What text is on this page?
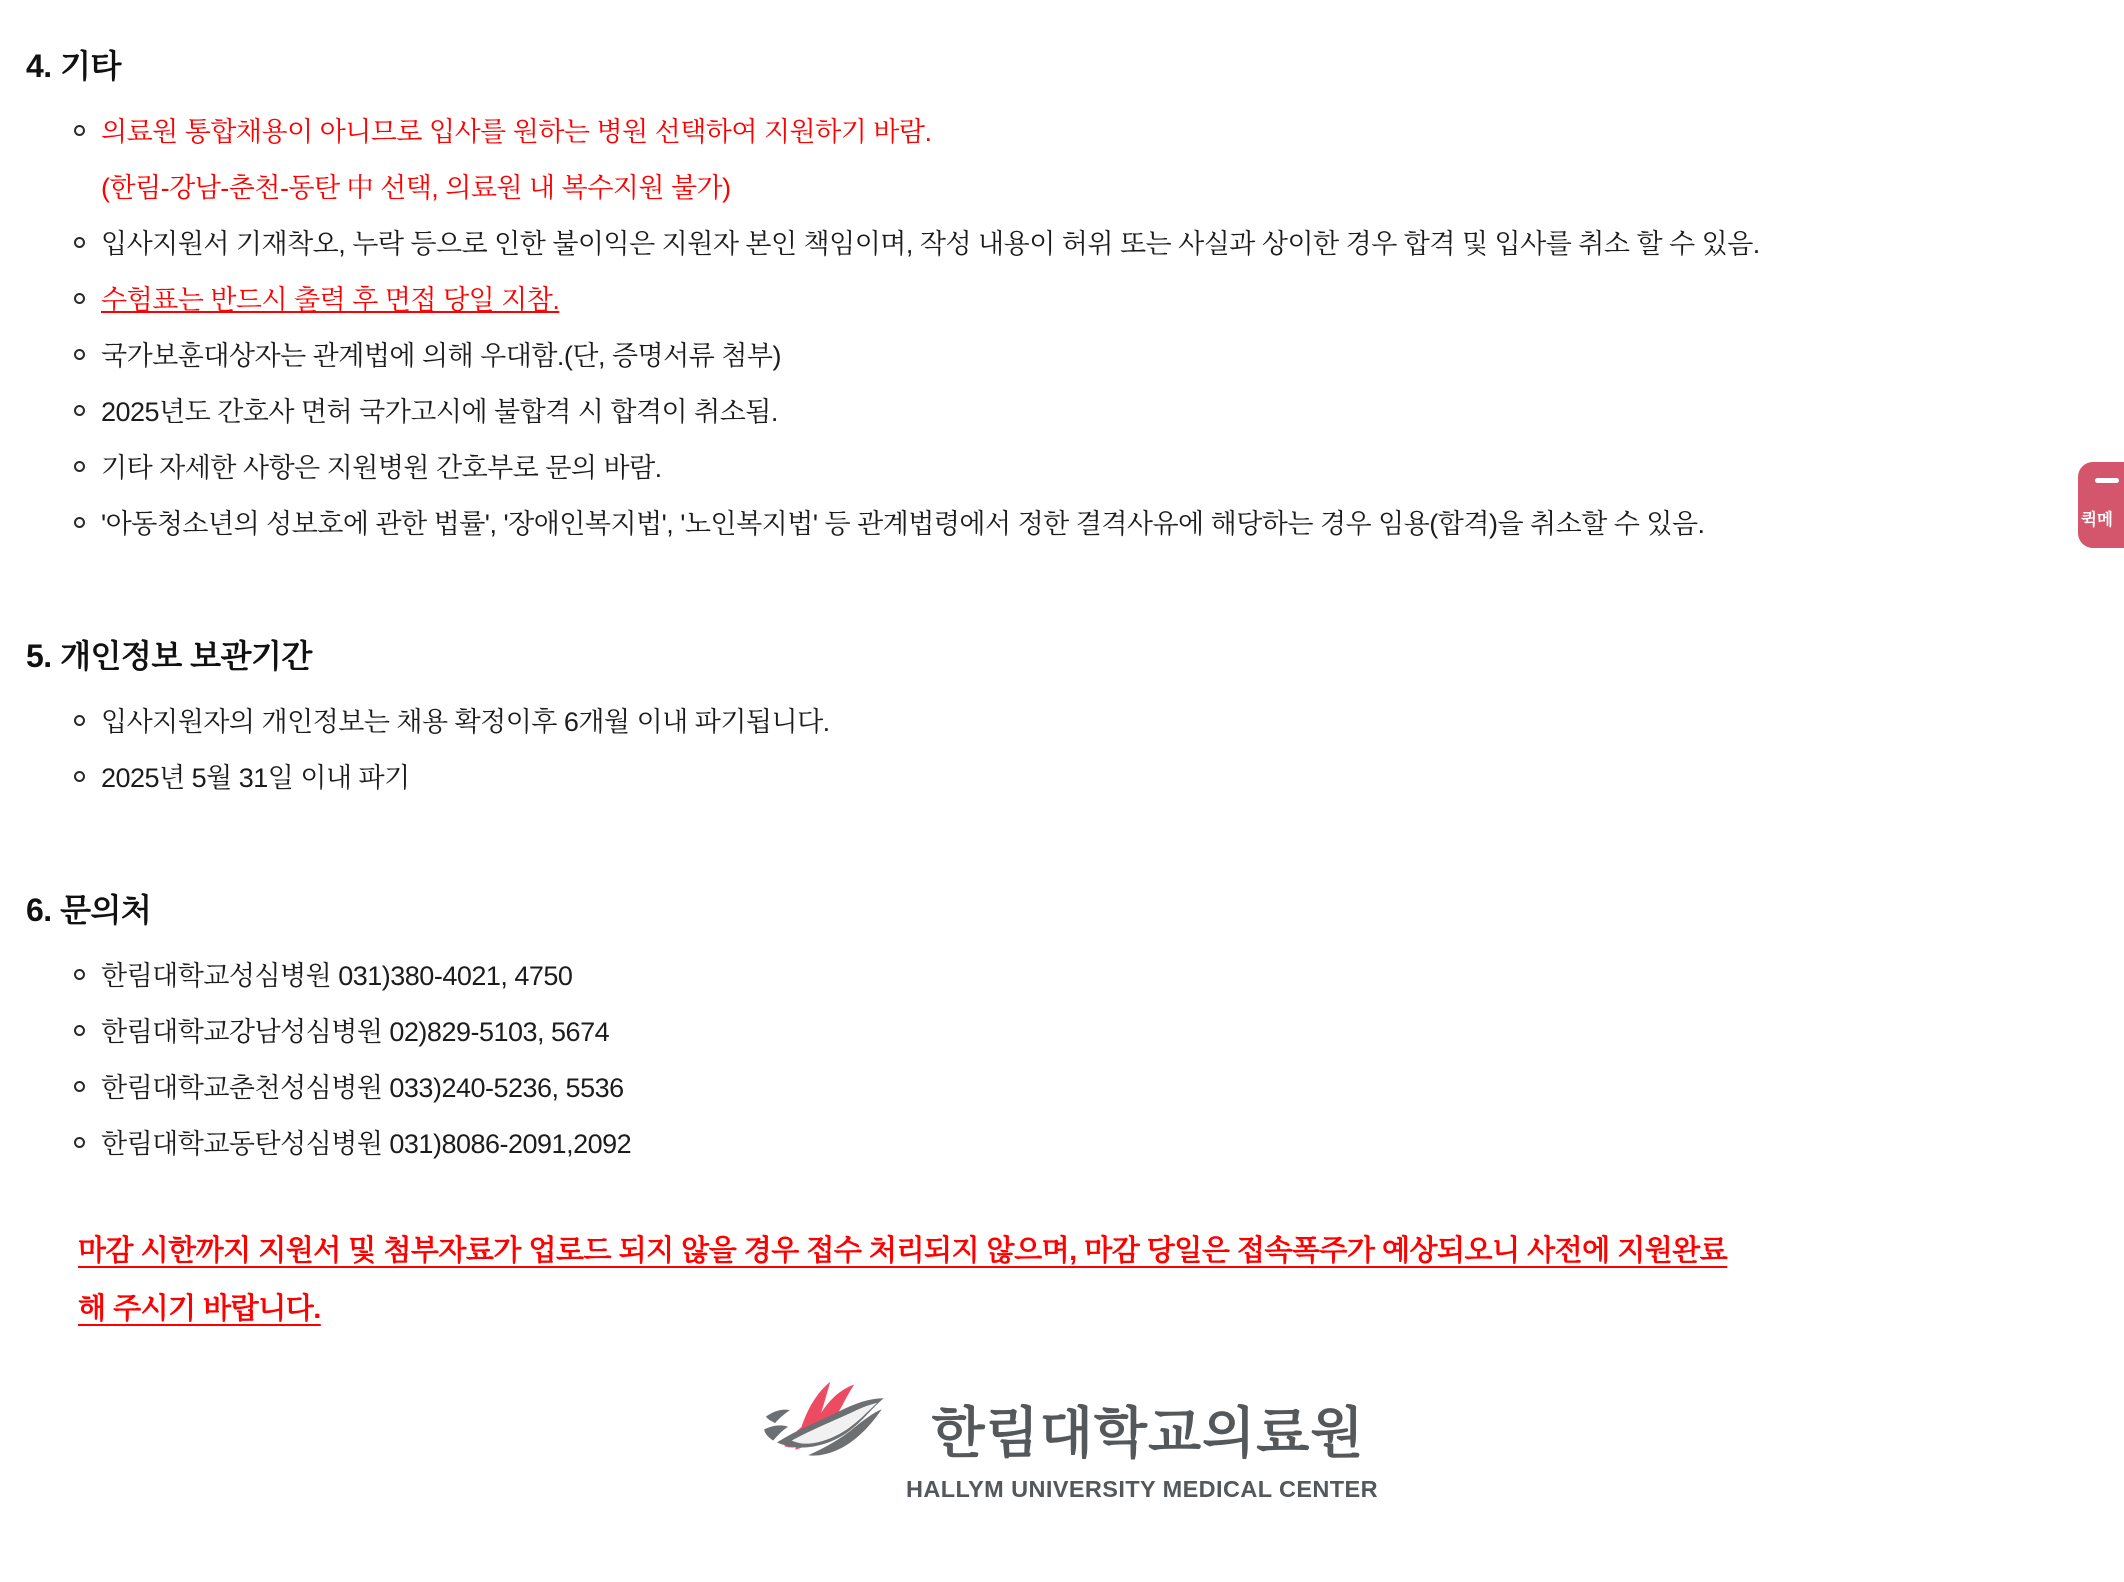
4. 기타
의료원 통합채용이 아니므로 입사를 원하는 병원 선택하여 지원하기 바람.
(한림-강남-춘천-동탄 中 선택, 의료원 내 복수지원 불가)
입사지원서 기재착오, 누락 등으로 인한 불이익은 지원자 본인 책임이며, 작성 내용이 허위 또는 사실과 상이한 경우 합격 및 입사를 취소 할 수 있음.
수험표는 반드시 출력 후 면접 당일 지참.
국가보훈대상자는 관계법에 의해 우대함.(단, 증명서류 첨부)
2025년도 간호사 면허 국가고시에 불합격 시 합격이 취소됨.
기타 자세한 사항은 지원병원 간호부로 문의 바람.
'아동청소년의 성보호에 관한 법률', '장애인복지법', '노인복지법' 등 관계법령에서 정한 결격사유에 해당하는 경우 임용(합격)을 취소할 수 있음.
5. 개인정보 보관기간
입사지원자의 개인정보는 채용 확정이후 6개월 이내 파기됩니다.
2025년 5월 31일 이내 파기
6. 문의처
한림대학교성심병원 031)380-4021, 4750
한림대학교강남성심병원 02)829-5103, 5674
한림대학교춘천성심병원 033)240-5236, 5536
한림대학교동탄성심병원 031)8086-2091,2092

마감 시한까지 지원서 및 첨부자료가 업로드 되지 않을 경우 접수 처리되지 않으며, 마감 당일은 접속폭주가 예상되오니 사전에 지원완료
해 주시기 바랍니다.

한림대학교의료원
HALLYM UNIVERSITY MEDICAL CENTER
퀵메
